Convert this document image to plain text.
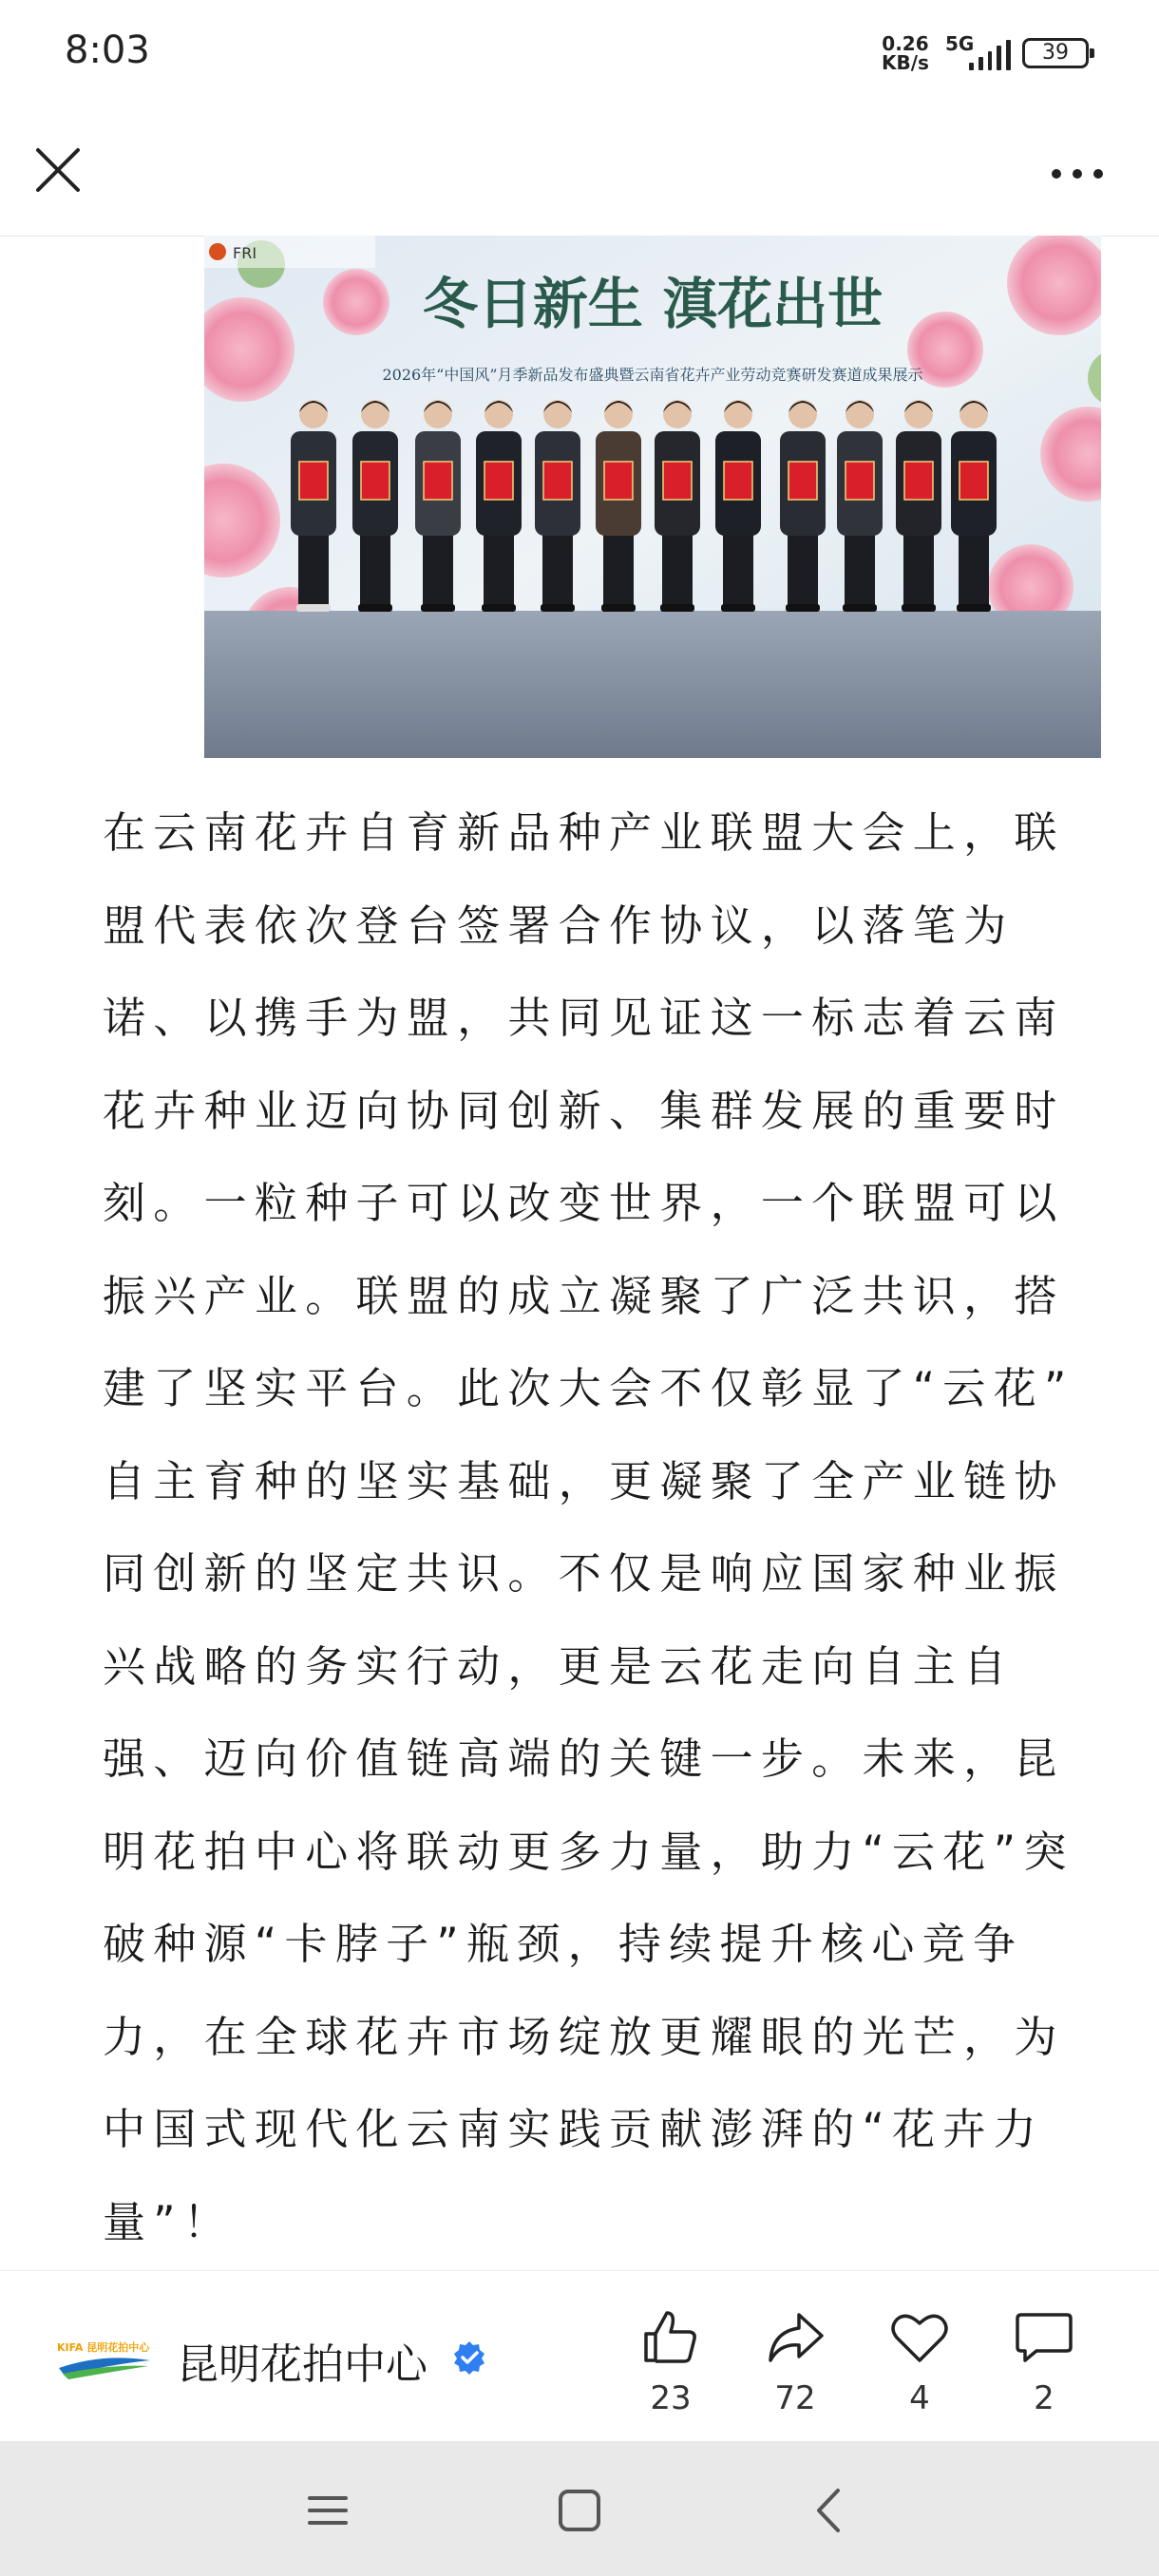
8:03	0.26
KB/s
5G	39
FRI
冬日新生 滇花出世
2026年“中国风”月季新品发布盛典暨云南省花卉产业劳动竞赛研发赛道成果展示
在云南花卉自育新品种产业联盟大会上，联
盟代表依次登台签署合作协议，以落笔为
诺、以携手为盟，共同见证这一标志着云南
花卉种业迈向协同创新、集群发展的重要时
刻。一粒种子可以改变世界，一个联盟可以
振兴产业。联盟的成立凝聚了广泛共识，搭
建了坚实平台。此次大会不仅彰显了“云花”
自主育种的坚实基础，更凝聚了全产业链协
同创新的坚定共识。不仅是响应国家种业振
兴战略的务实行动，更是云花走向自主自
强、迈向价值链高端的关键一步。未来，昆
明花拍中心将联动更多力量，助力“云花”突
破种源“卡脖子”瓶颈，持续提升核心竞争
力，在全球花卉市场绽放更耀眼的光芒，为
中国式现代化云南实践贡献澎湃的“花卉力
量”！
KIFA 昆明花拍中心 昆明花拍中心
23	72	4	2
